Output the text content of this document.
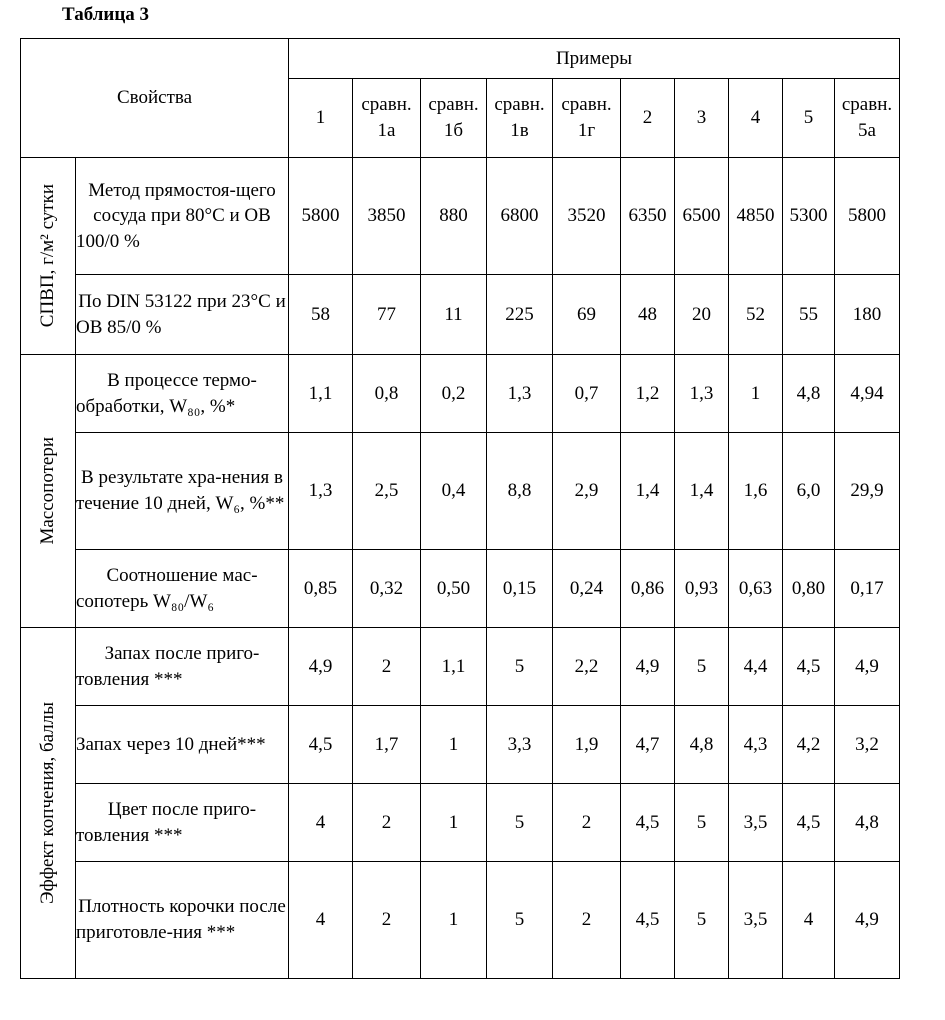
Таблица 3
Свойства	Примеры

1

сравн.
1а

сравн.
1б

сравн.
1в

сравн.
1г

2	3	4	5

сравн.
5а

СПВП, г/м² сутки	Метод прямостоя-щего сосуда при 80°С и ОВ 100/0 %	5800	3850	880	6800	3520	6350	6500	4850	5300	5800
По DIN 53122 при 23°С и ОВ 85/0 %	58	77	11	225	69	48	20	52	55	180

Массопотери
	В процессе термо-обработки, W₈₀, %*	1,1	0,8	0,2	1,3	0,7	1,2	1,3	1	4,8	4,94
В результате хра-нения в течение 10 дней, W₆, %**	1,3	2,5	0,4	8,8	2,9	1,4	1,4	1,6	6,0	29,9
Соотношение мас-сопотерь W₈₀/W₆	0,85	0,32	0,50	0,15	0,24	0,86	0,93	0,63	0,80	0,17

Эффект копчения, баллы
	Запах после приго-товления ***	4,9	2	1,1	5	2,2	4,9	5	4,4	4,5	4,9
Запах через 10 дней***	4,5	1,7	1	3,3	1,9	4,7	4,8	4,3	4,2	3,2
Цвет после приго-товления ***	4	2	1	5	2	4,5	5	3,5	4,5	4,8
Плотность корочки после приготовле-ния ***	4	2	1	5	2	4,5	5	3,5	4	4,9
